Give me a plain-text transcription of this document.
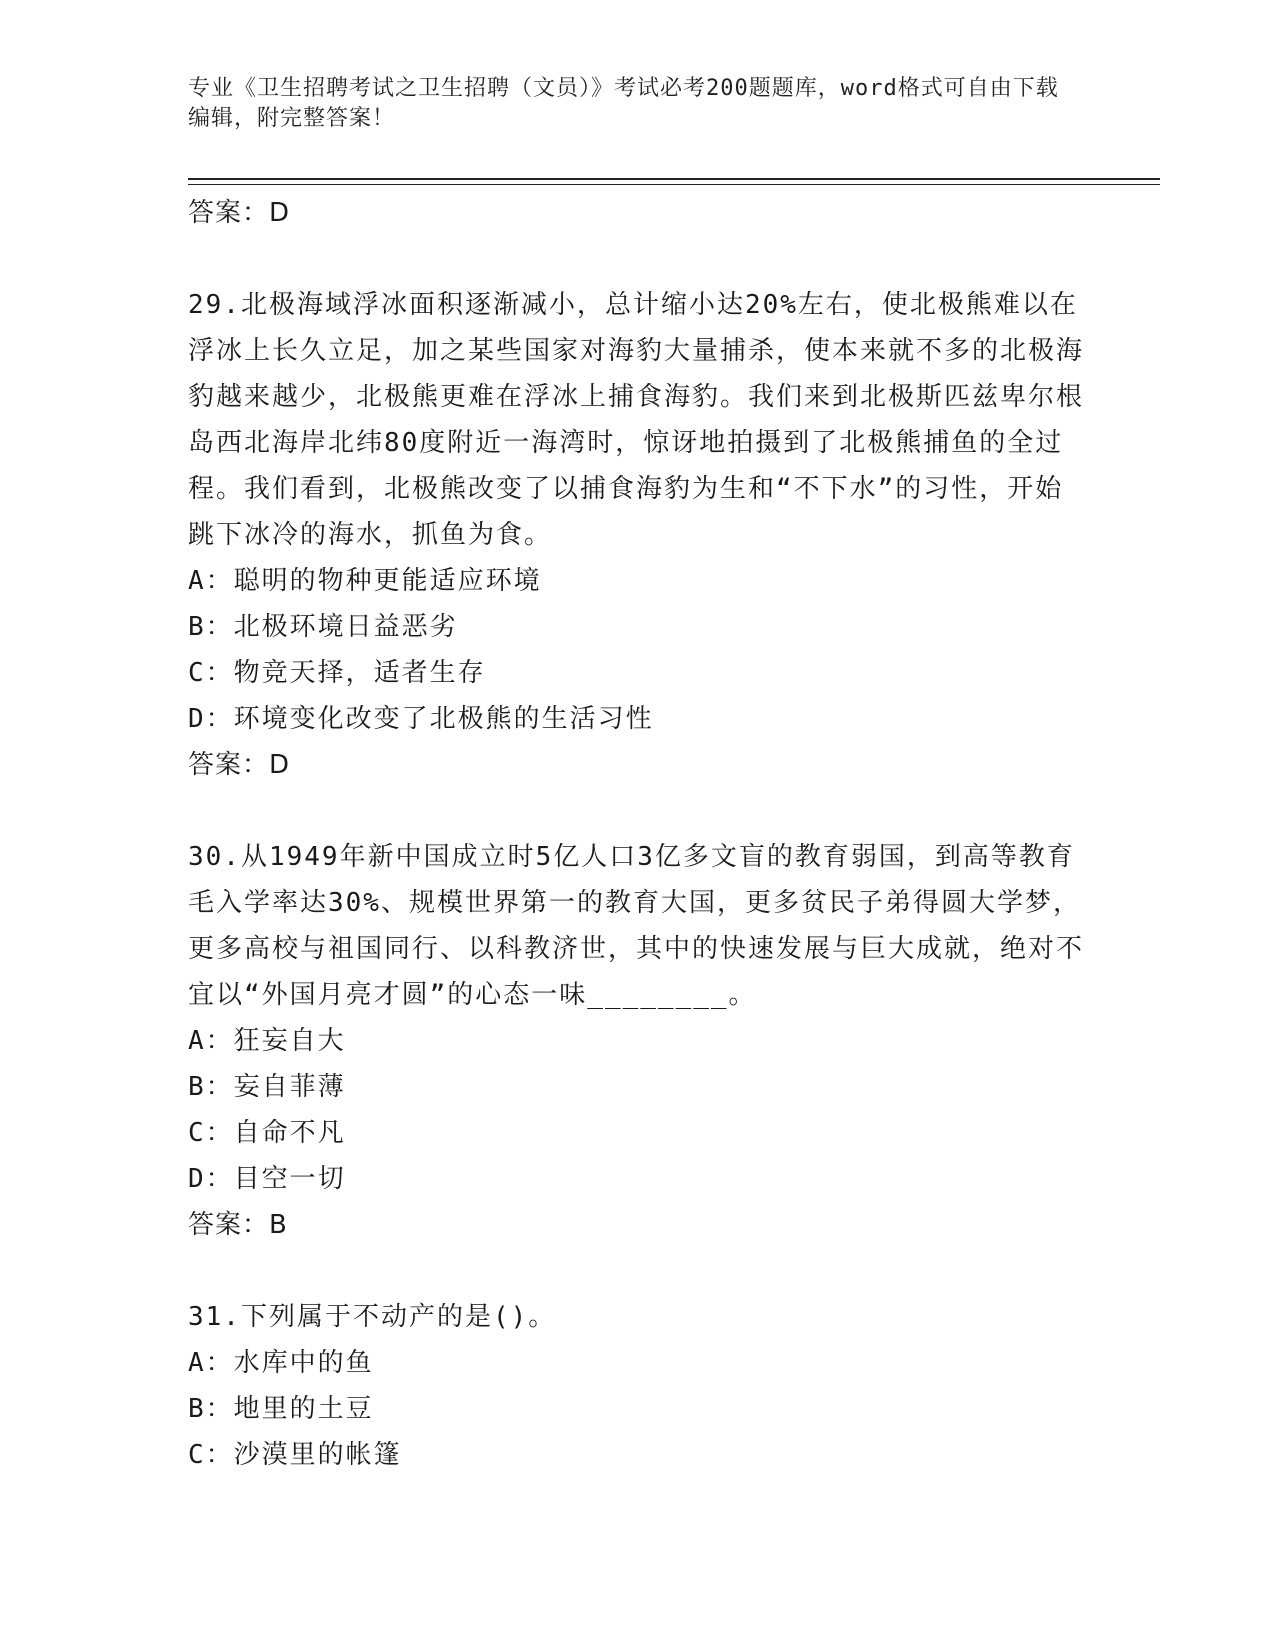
专业《卫生招聘考试之卫生招聘（文员）》考试必考200题题库，word格式可自由下载编辑，附完整答案！

答案：D

29.北极海域浮冰面积逐渐减小，总计缩小达20%左右，使北极熊难以在浮冰上长久立足，加之某些国家对海豹大量捕杀，使本来就不多的北极海豹越来越少，北极熊更难在浮冰上捕食海豹。我们来到北极斯匹兹卑尔根岛西北海岸北纬80度附近一海湾时，惊讶地拍摄到了北极熊捕鱼的全过程。我们看到，北极熊改变了以捕食海豹为生和“不下水”的习性，开始跳下冰冷的海水，抓鱼为食。

A：聪明的物种更能适应环境

B：北极环境日益恶劣

C：物竞天择，适者生存

D：环境变化改变了北极熊的生活习性

答案：D

30.从1949年新中国成立时5亿人口3亿多文盲的教育弱国，到高等教育毛入学率达30%、规模世界第一的教育大国，更多贫民子弟得圆大学梦，更多高校与祖国同行、以科教济世，其中的快速发展与巨大成就，绝对不宜以“外国月亮才圆”的心态一味________。

A：狂妄自大

B：妄自菲薄

C：自命不凡

D：目空一切

答案：B

31.下列属于不动产的是()。

A：水库中的鱼

B：地里的土豆

C：沙漠里的帐篷
